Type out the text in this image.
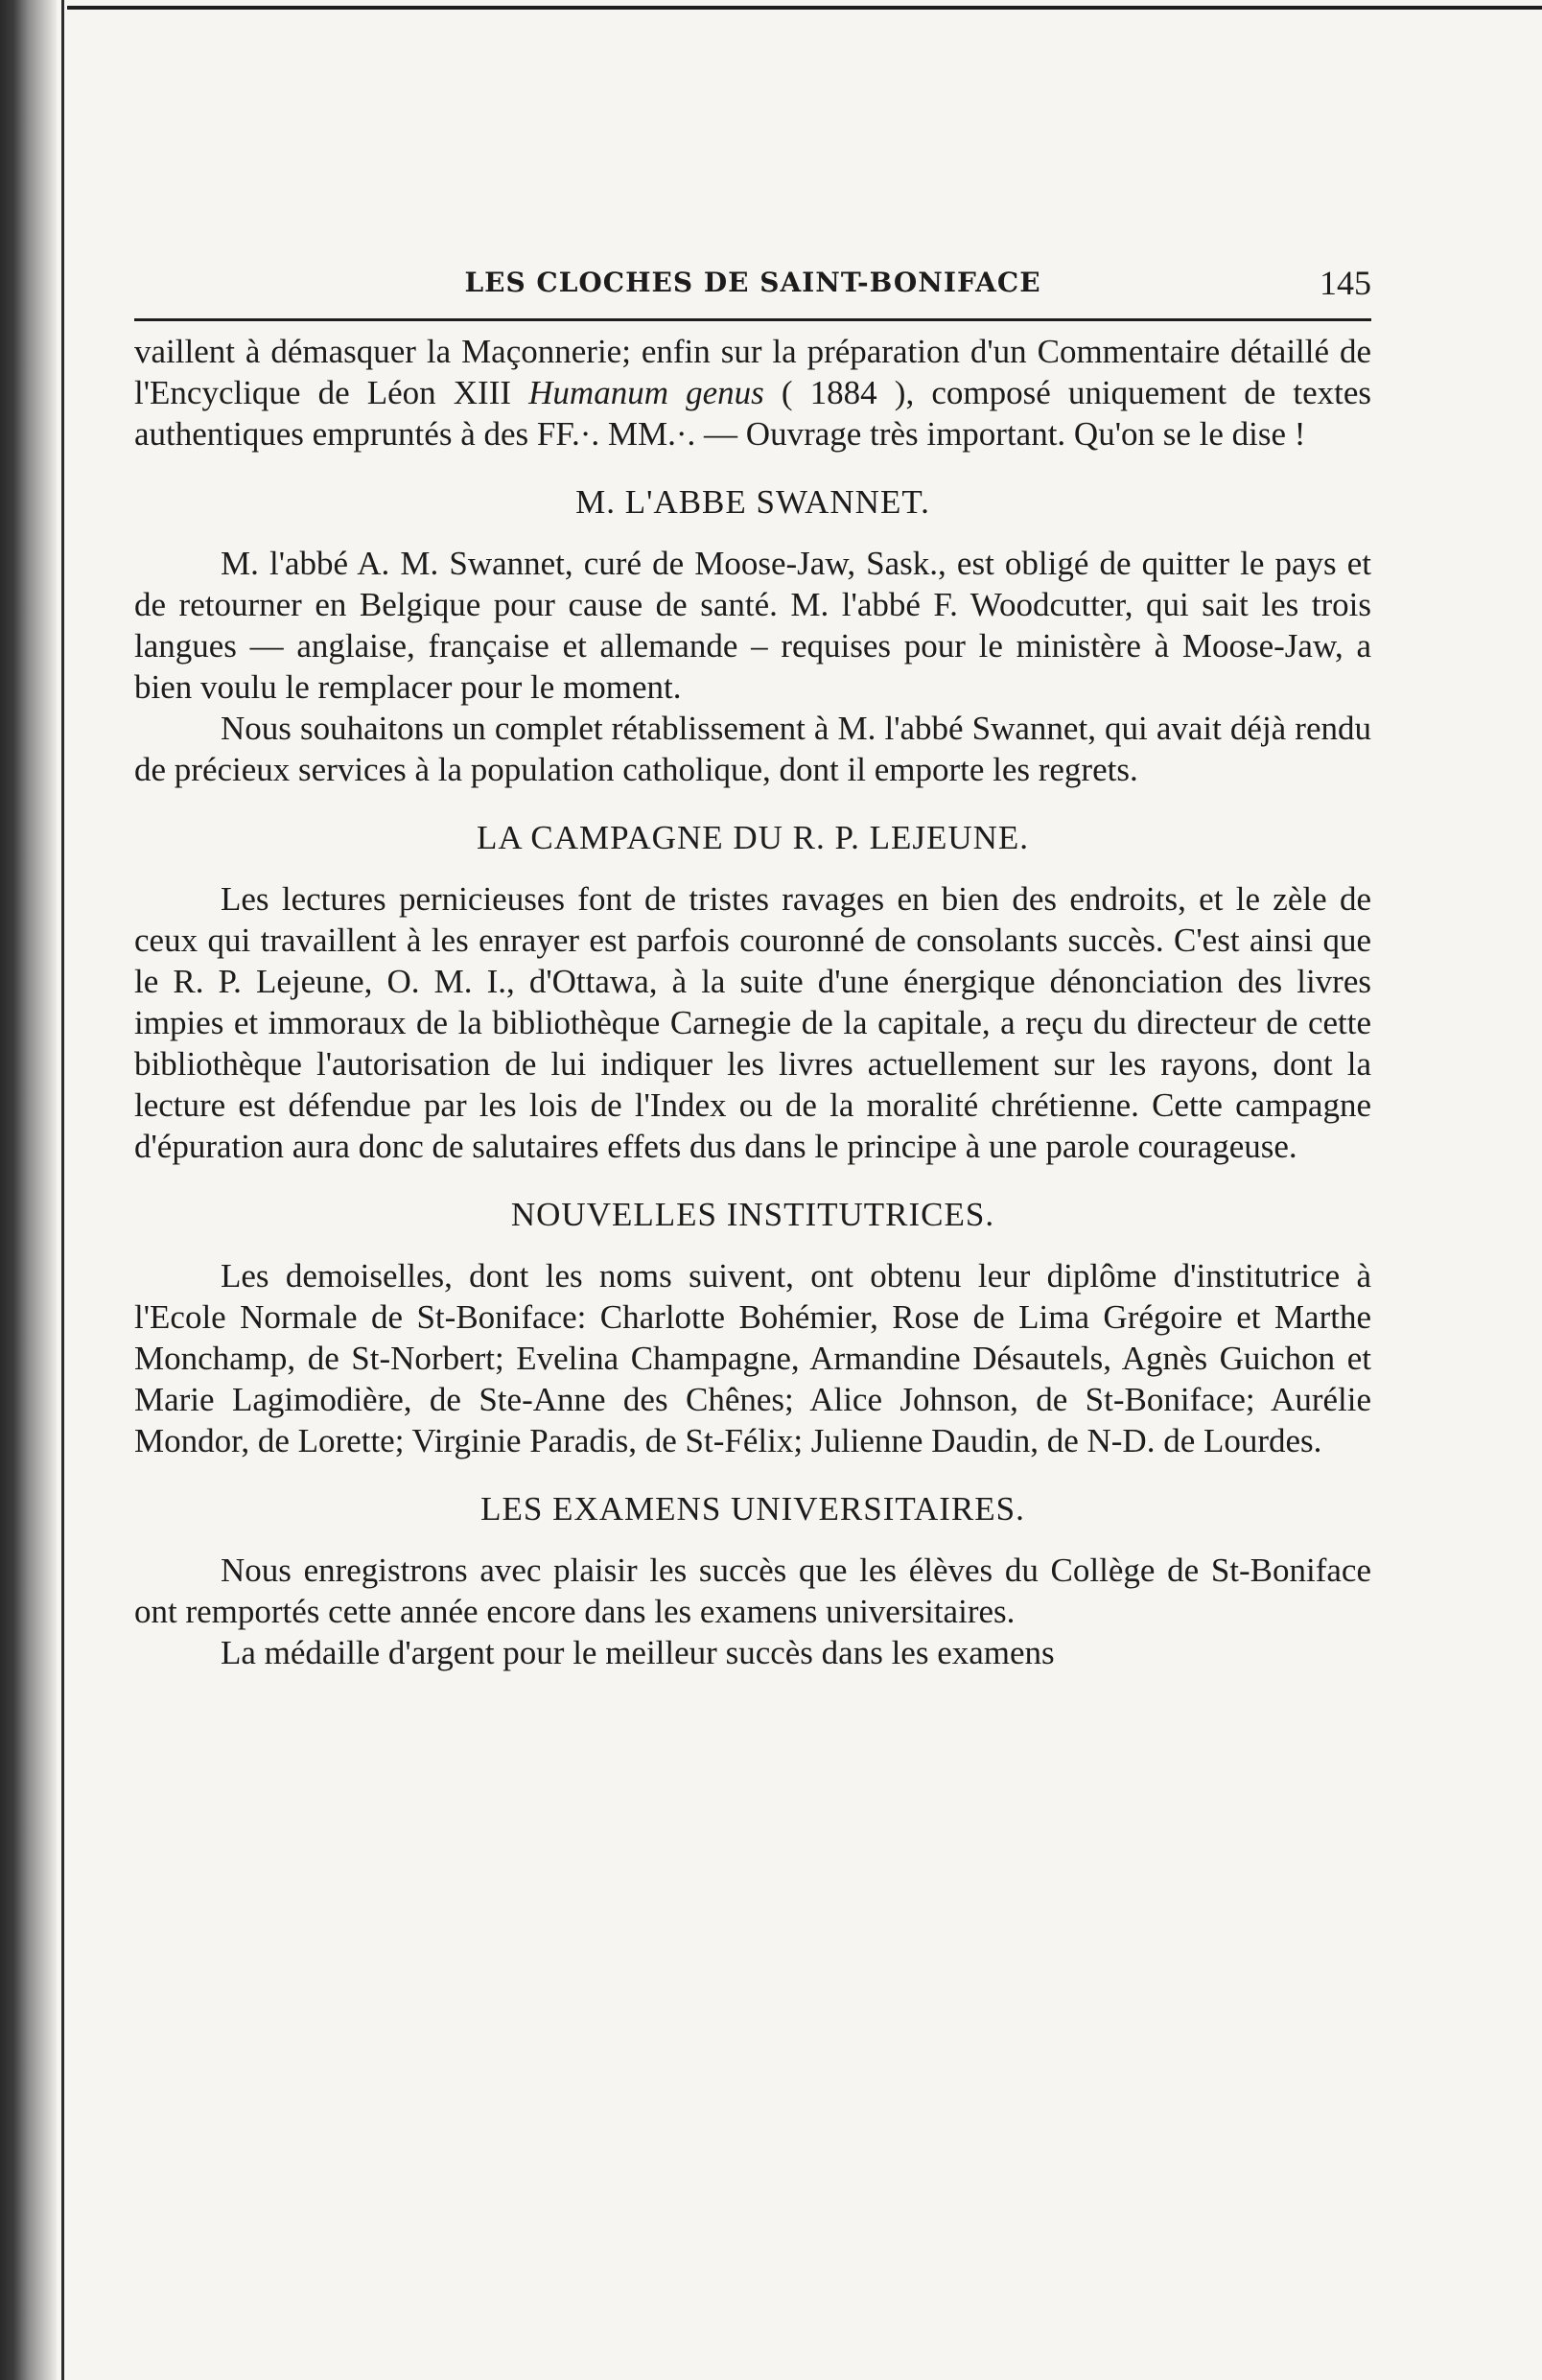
LES CLOCHES DE SAINT-BONIFACE	145

vaillent à démasquer la Maçonnerie; enfin sur la préparation d'un Commentaire détaillé de l'Encyclique de Léon XIII Humanum genus ( 1884 ), composé uniquement de textes authentiques empruntés à des FF.·. MM.·. — Ouvrage très important. Qu'on se le dise !

M. L'ABBE SWANNET.

M. l'abbé A. M. Swannet, curé de Moose-Jaw, Sask., est obligé de quitter le pays et de retourner en Belgique pour cause de santé. M. l'abbé F. Woodcutter, qui sait les trois langues — anglaise, française et allemande – requises pour le ministère à Moose-Jaw, a bien voulu le remplacer pour le moment.

Nous souhaitons un complet rétablissement à M. l'abbé Swannet, qui avait déjà rendu de précieux services à la population catholique, dont il emporte les regrets.

LA CAMPAGNE DU R. P. LEJEUNE.

Les lectures pernicieuses font de tristes ravages en bien des endroits, et le zèle de ceux qui travaillent à les enrayer est parfois couronné de consolants succès. C'est ainsi que le R. P. Lejeune, O. M. I., d'Ottawa, à la suite d'une énergique dénonciation des livres impies et immoraux de la bibliothèque Carnegie de la capitale, a reçu du directeur de cette bibliothèque l'autorisation de lui indiquer les livres actuellement sur les rayons, dont la lecture est défendue par les lois de l'Index ou de la moralité chrétienne. Cette campagne d'épuration aura donc de salutaires effets dus dans le principe à une parole courageuse.

NOUVELLES INSTITUTRICES.

Les demoiselles, dont les noms suivent, ont obtenu leur diplôme d'institutrice à l'Ecole Normale de St-Boniface: Charlotte Bohémier, Rose de Lima Grégoire et Marthe Monchamp, de St-Norbert; Evelina Champagne, Armandine Désautels, Agnès Guichon et Marie Lagimodière, de Ste-Anne des Chênes; Alice Johnson, de St-Boniface; Aurélie Mondor, de Lorette; Virginie Paradis, de St-Félix; Julienne Daudin, de N-D. de Lourdes.

LES EXAMENS UNIVERSITAIRES.

Nous enregistrons avec plaisir les succès que les élèves du Collège de St-Boniface ont remportés cette année encore dans les examens universitaires.

La médaille d'argent pour le meilleur succès dans les examens
